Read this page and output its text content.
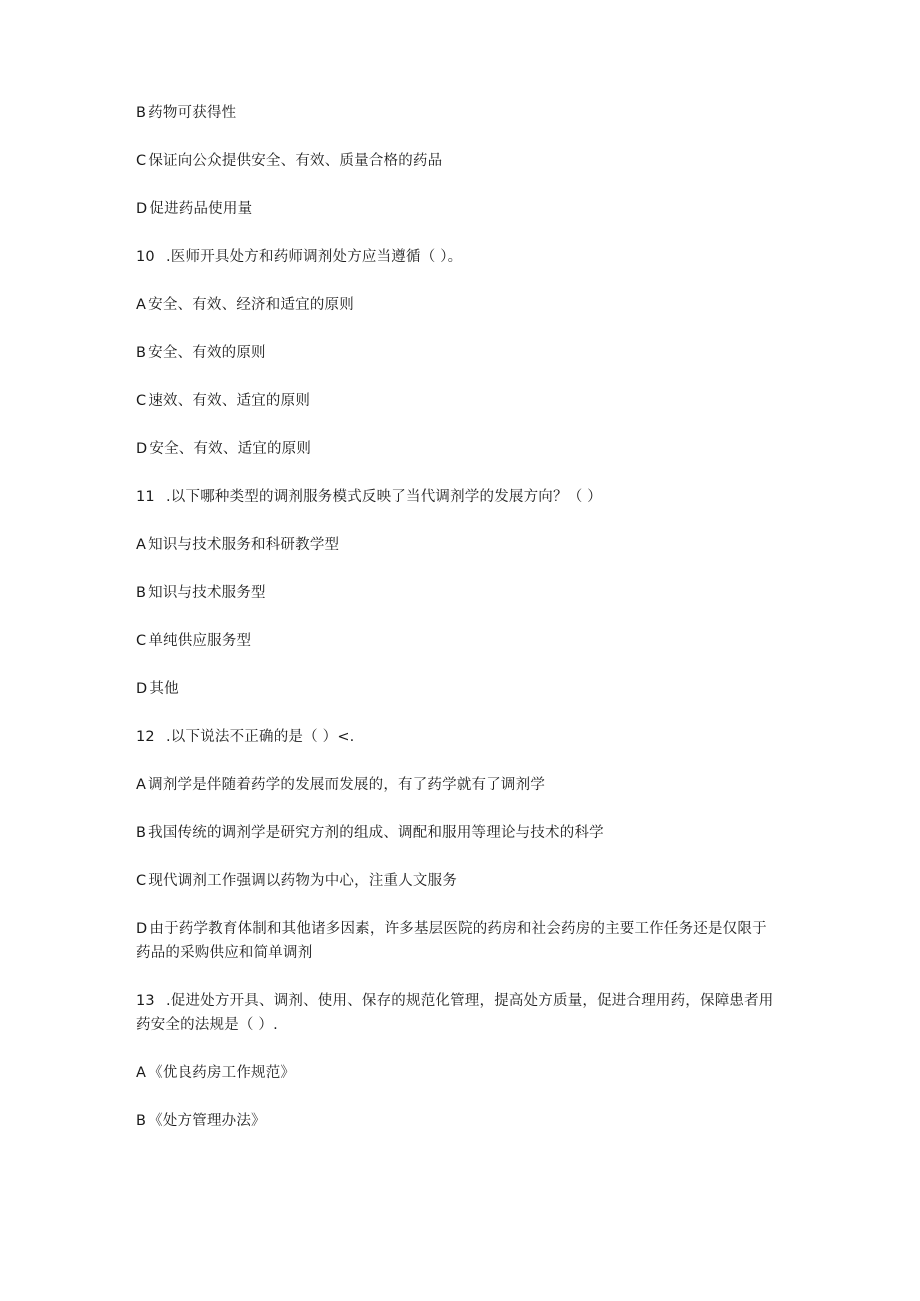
B 药物可获得性
C 保证向公众提供安全、有效、质量合格的药品
D 促进药品使用量
10 .医师开具处方和药师调剂处方应当遵循（ ）。
A 安全、有效、经济和适宜的原则
B 安全、有效的原则
C 速效、有效、适宜的原则
D 安全、有效、适宜的原则
11 .以下哪种类型的调剂服务模式反映了当代调剂学的发展方向？（ ）
A 知识与技术服务和科研教学型
B 知识与技术服务型
C 单纯供应服务型
D 其他
12 .以下说法不正确的是（ ）<.
A 调剂学是伴随着药学的发展而发展的，有了药学就有了调剂学
B 我国传统的调剂学是研究方剂的组成、调配和服用等理论与技术的科学
C 现代调剂工作强调以药物为中心，注重人文服务
D 由于药学教育体制和其他诸多因素，许多基层医院的药房和社会药房的主要工作任务还是仅限于药品的采购供应和简单调剂
13 .促进处方开具、调剂、使用、保存的规范化管理，提高处方质量，促进合理用药，保障患者用药安全的法规是（ ）.
A 《优良药房工作规范》
B 《处方管理办法》
